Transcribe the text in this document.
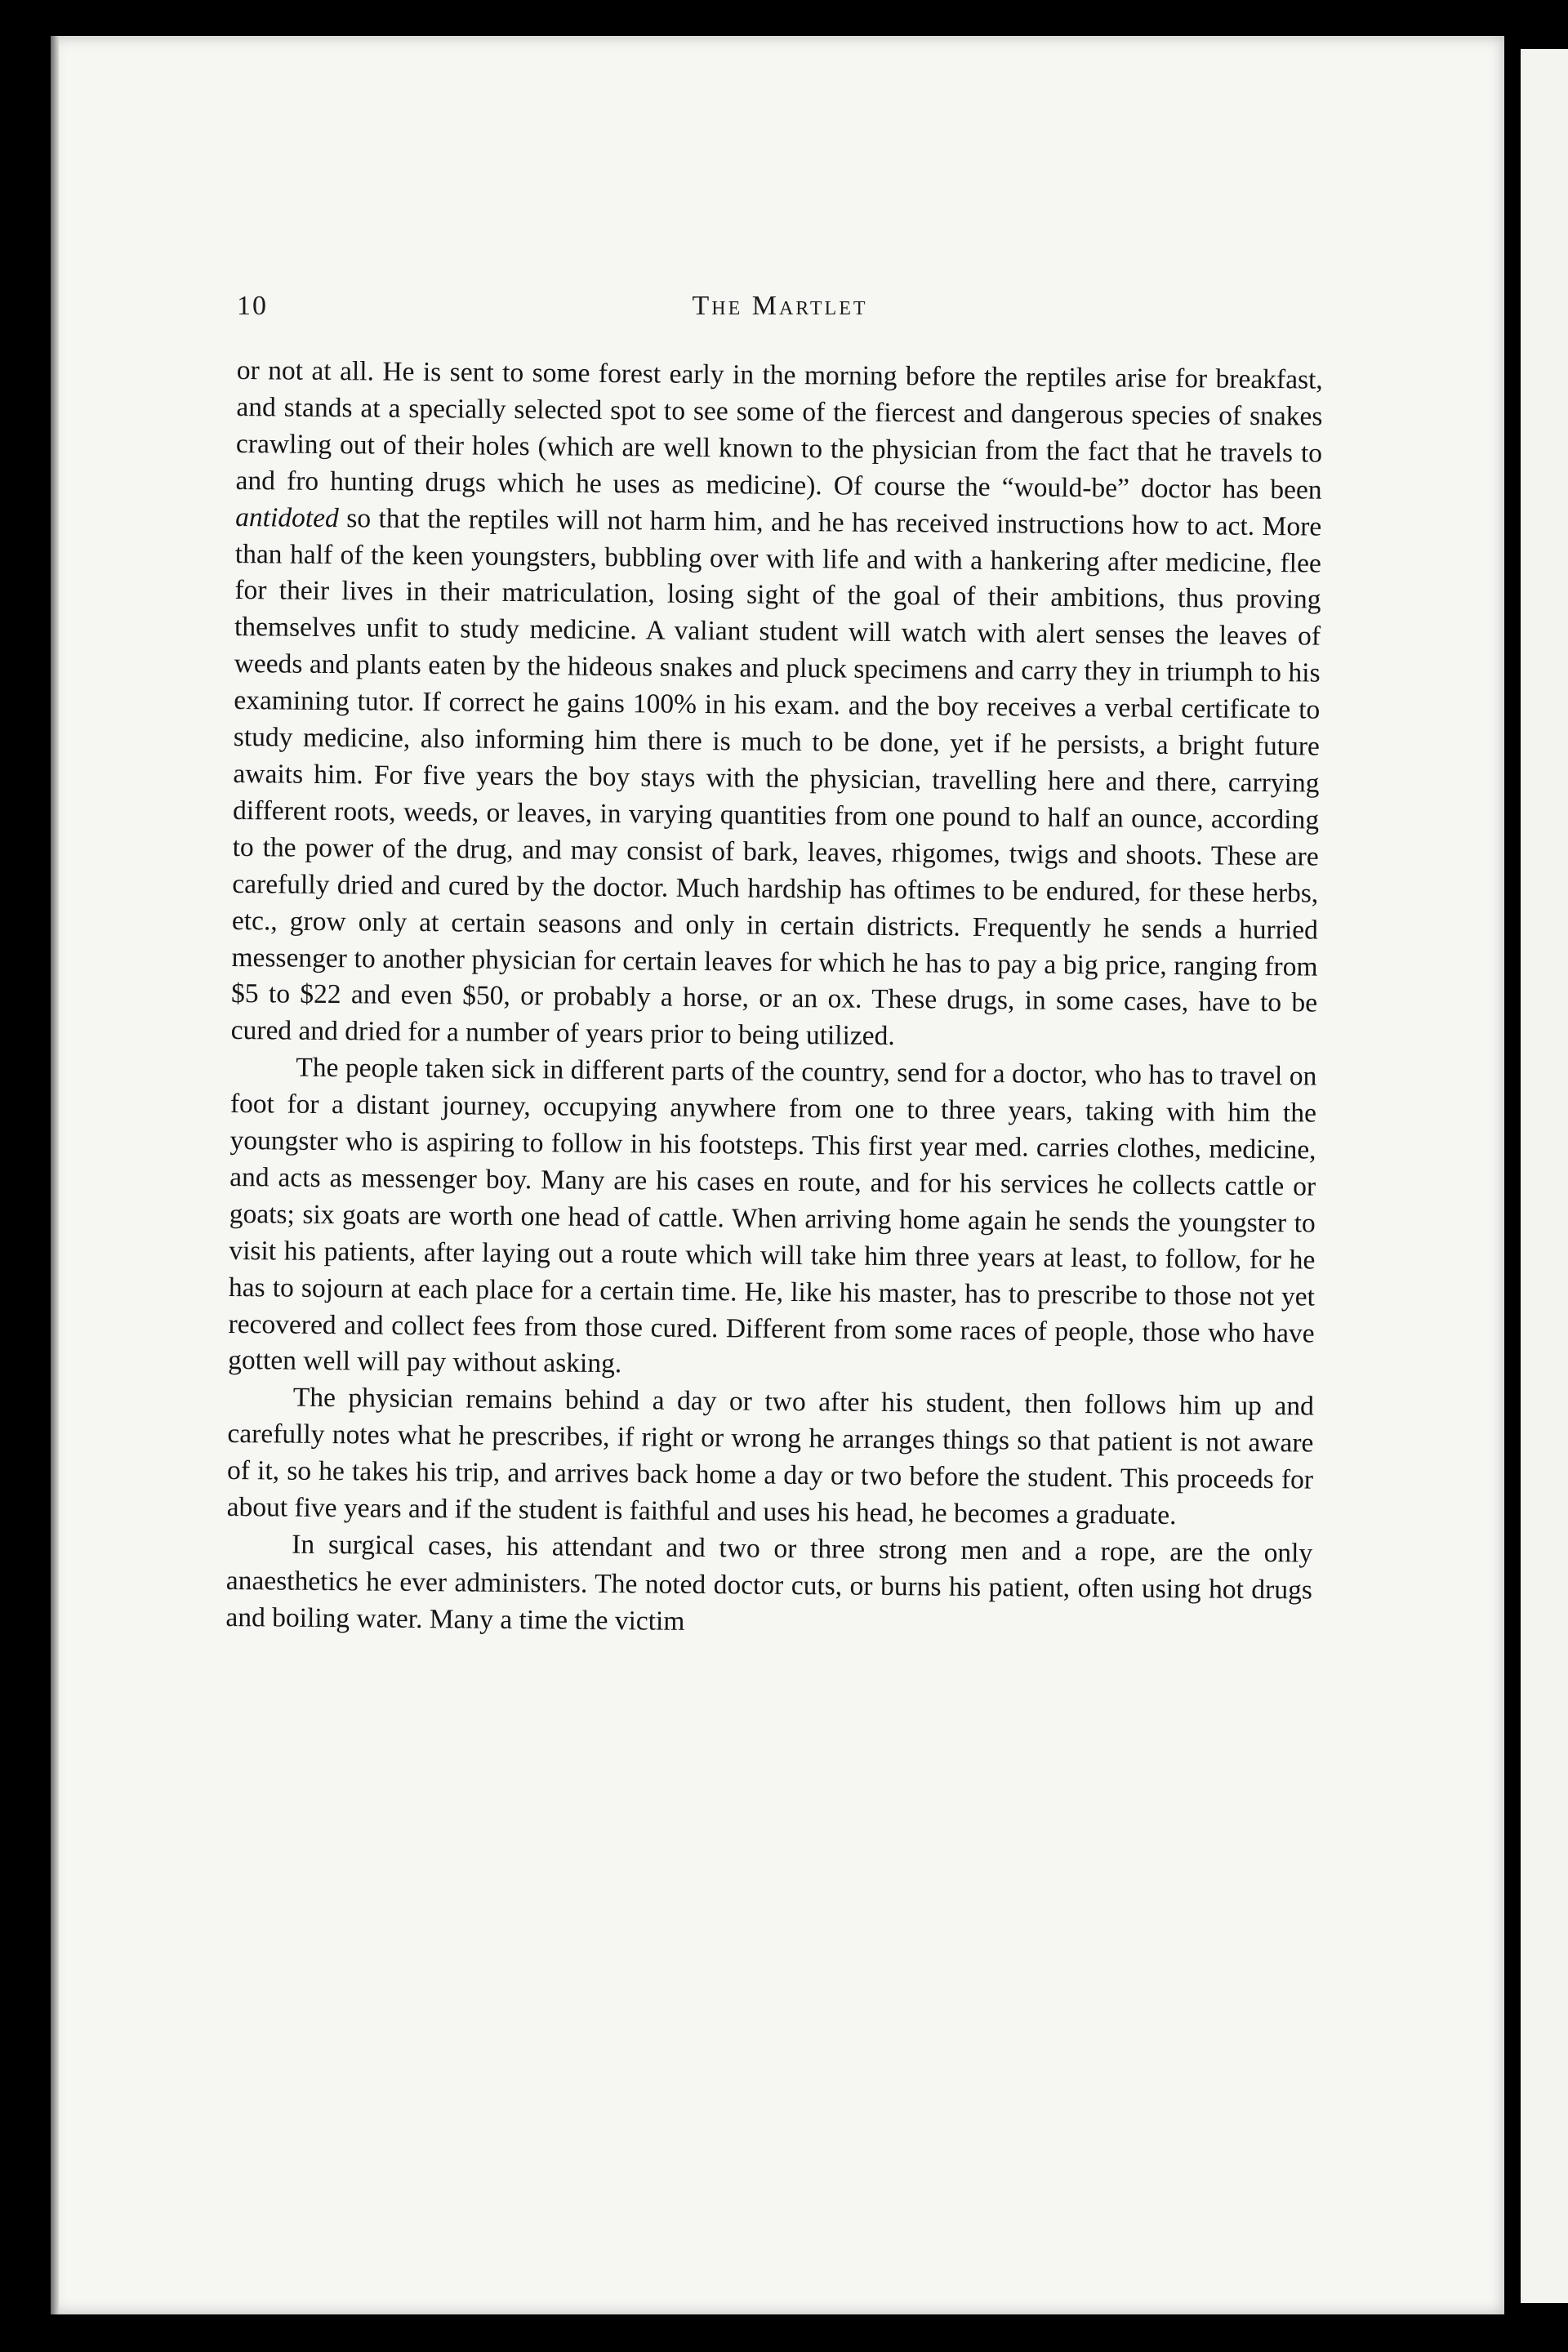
10	The Martlet

or not at all. He is sent to some forest early in the morning before the reptiles arise for breakfast, and stands at a specially selected spot to see some of the fiercest and dangerous species of snakes crawling out of their holes (which are well known to the physician from the fact that he travels to and fro hunting drugs which he uses as medicine). Of course the “would-be” doctor has been antidoted so that the reptiles will not harm him, and he has received instructions how to act. More than half of the keen youngsters, bubbling over with life and with a hankering after medicine, flee for their lives in their matriculation, losing sight of the goal of their ambitions, thus proving themselves unfit to study medicine. A valiant student will watch with alert senses the leaves of weeds and plants eaten by the hideous snakes and pluck specimens and carry they in triumph to his examining tutor. If correct he gains 100% in his exam. and the boy receives a verbal certificate to study medicine, also informing him there is much to be done, yet if he persists, a bright future awaits him. For five years the boy stays with the physician, travelling here and there, carrying different roots, weeds, or leaves, in varying quantities from one pound to half an ounce, according to the power of the drug, and may consist of bark, leaves, rhigomes, twigs and shoots. These are carefully dried and cured by the doctor. Much hardship has oftimes to be endured, for these herbs, etc., grow only at certain seasons and only in certain districts. Frequently he sends a hurried messenger to another physician for certain leaves for which he has to pay a big price, ranging from $5 to $22 and even $50, or probably a horse, or an ox. These drugs, in some cases, have to be cured and dried for a number of years prior to being utilized.

The people taken sick in different parts of the country, send for a doctor, who has to travel on foot for a distant journey, occupying anywhere from one to three years, taking with him the youngster who is aspiring to follow in his footsteps. This first year med. carries clothes, medicine, and acts as messenger boy. Many are his cases en route, and for his services he collects cattle or goats; six goats are worth one head of cattle. When arriving home again he sends the youngster to visit his patients, after laying out a route which will take him three years at least, to follow, for he has to sojourn at each place for a certain time. He, like his master, has to prescribe to those not yet recovered and collect fees from those cured. Different from some races of people, those who have gotten well will pay without asking.

The physician remains behind a day or two after his student, then follows him up and carefully notes what he prescribes, if right or wrong he arranges things so that patient is not aware of it, so he takes his trip, and arrives back home a day or two before the student. This proceeds for about five years and if the student is faithful and uses his head, he becomes a graduate.

In surgical cases, his attendant and two or three strong men and a rope, are the only anaesthetics he ever administers. The noted doctor cuts, or burns his patient, often using hot drugs and boiling water. Many a time the victim
